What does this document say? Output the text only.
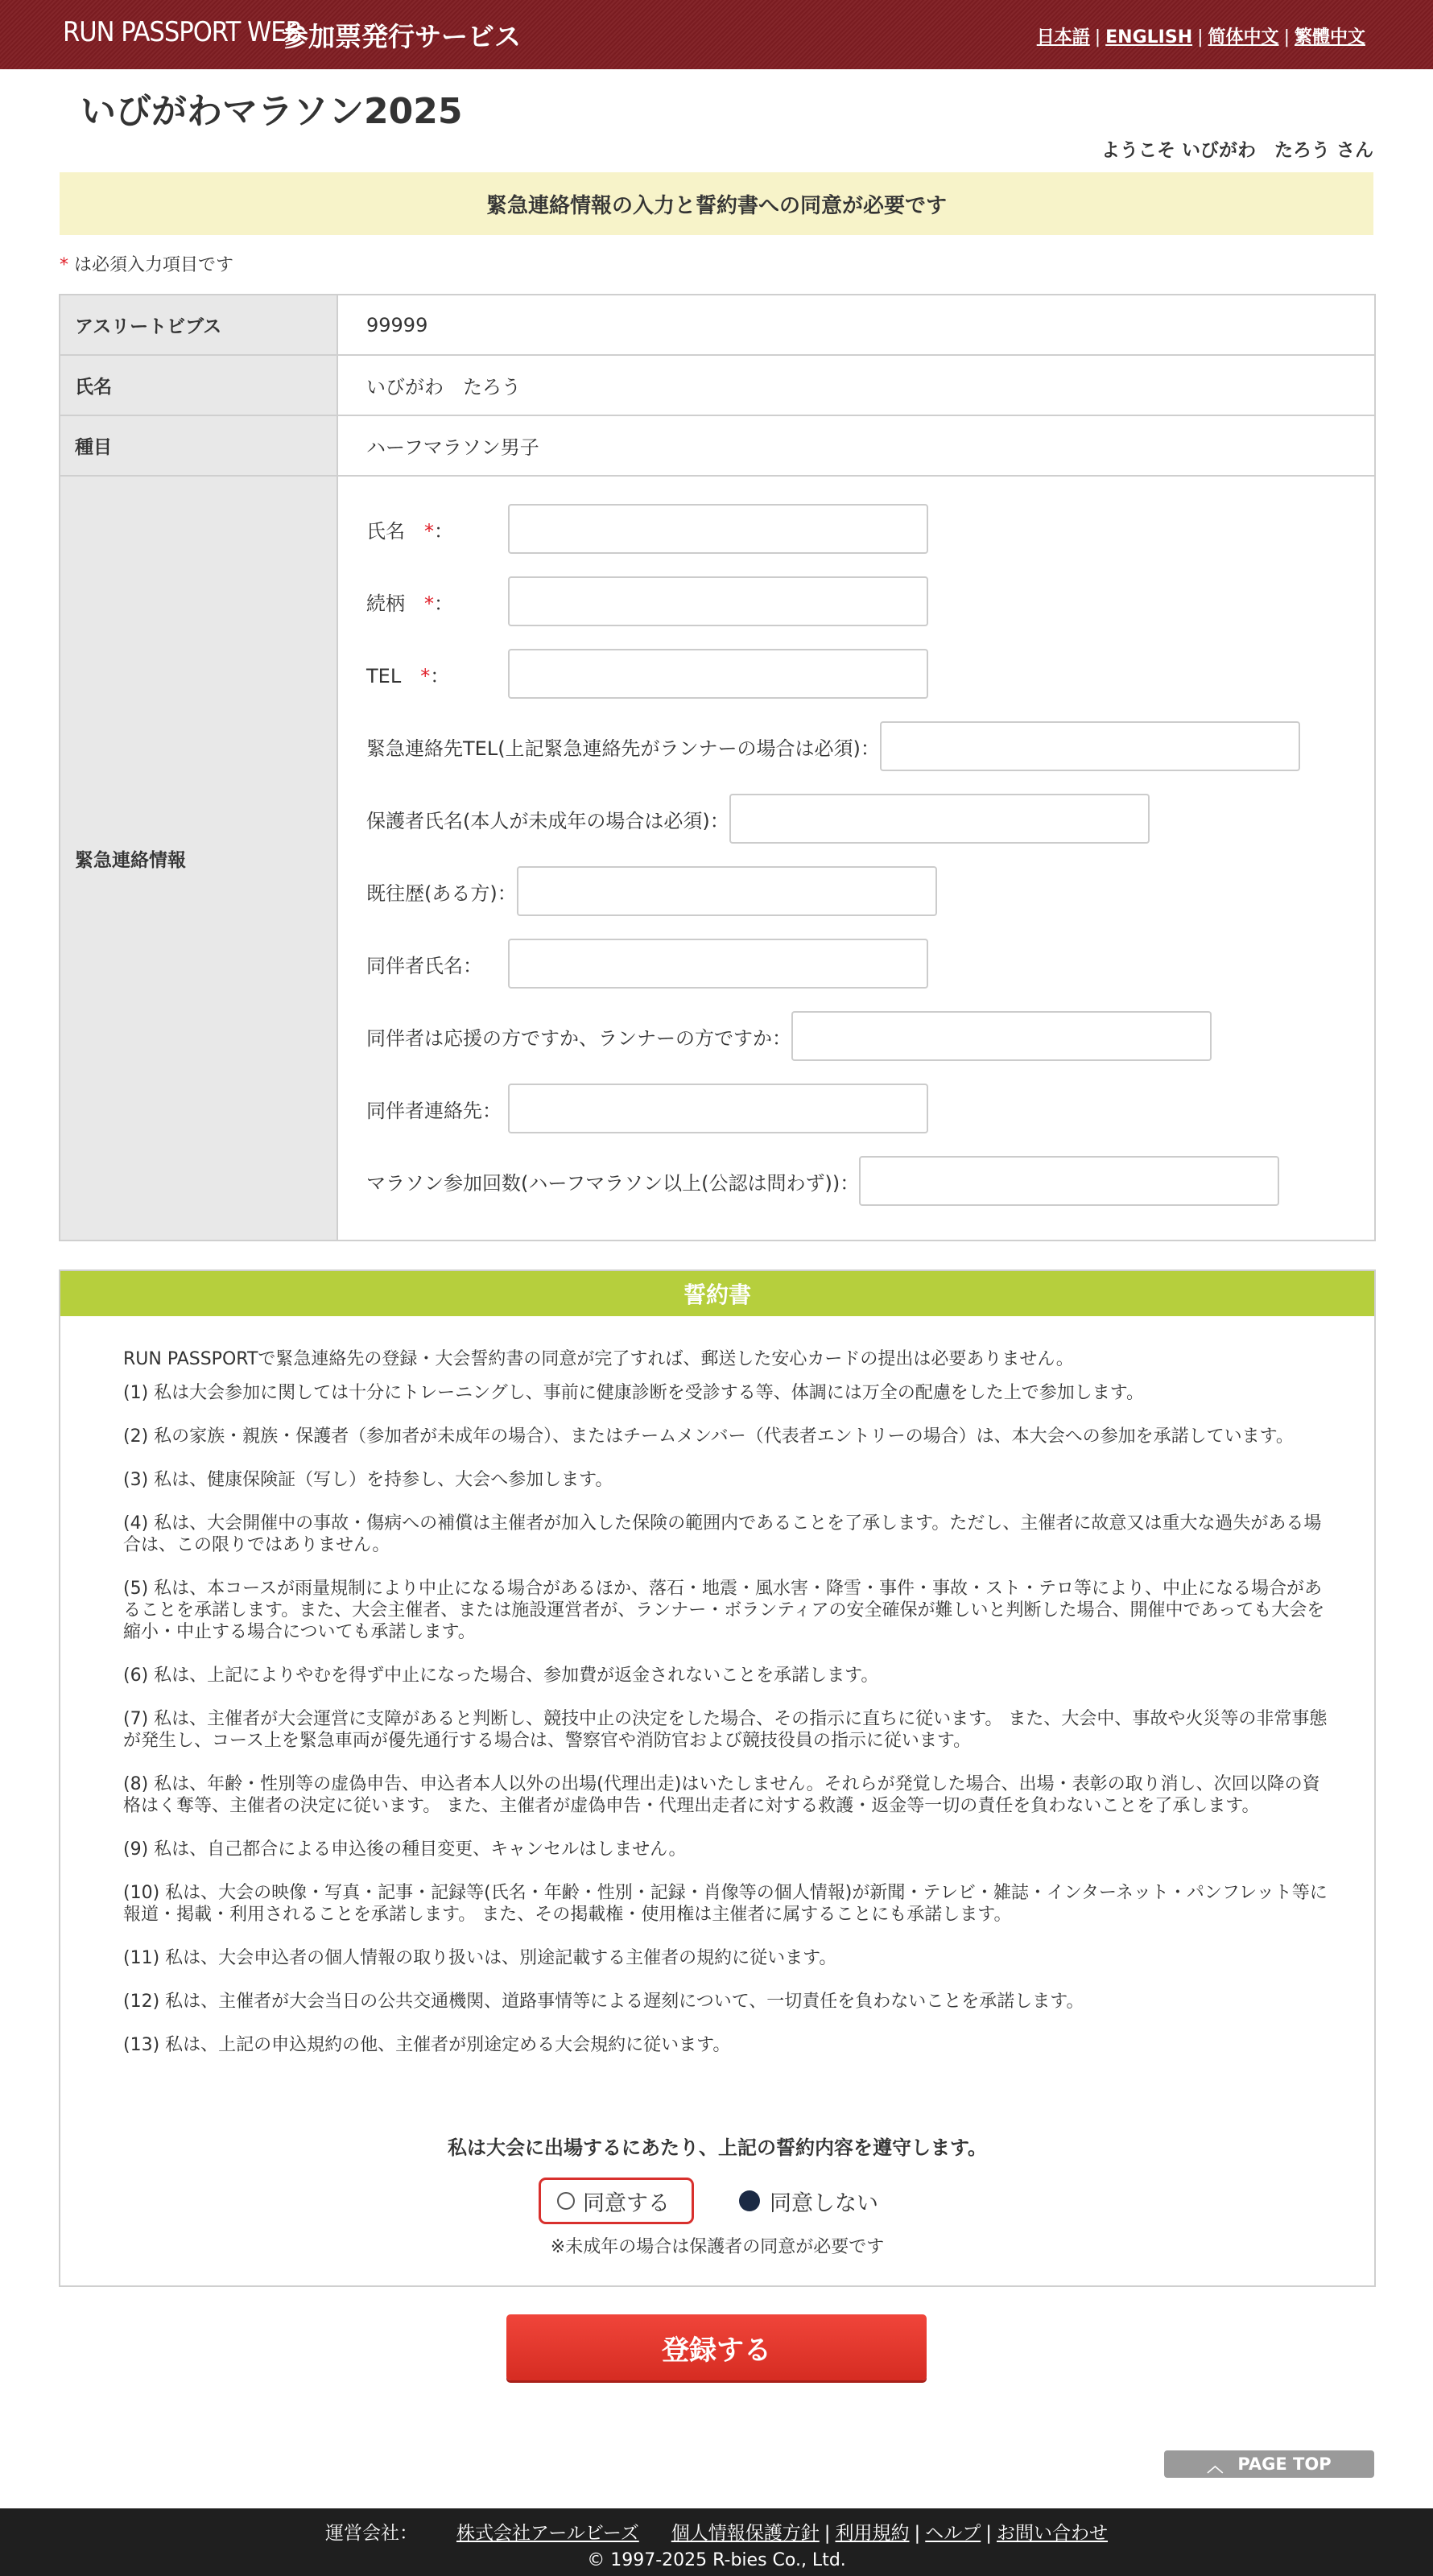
RUN PASSPORT WEB
参加票発行サービス	日本語 | ENGLISH | 简体中文 | 繁體中文
いびがわマラソン2025
ようこそ いびがわ　たろう さん
緊急連絡情報の入力と誓約書への同意が必要です
* は必須入力項目です
アスリートビブス	99999
氏名	いびがわ　たろう
種目	ハーフマラソン男子
緊急連絡情報
氏名　 *：
続柄　 *：
TEL　 *：
緊急連絡先TEL(上記緊急連絡先がランナーの場合は必須)：
保護者氏名(本人が未成年の場合は必須)：
既往歴(ある方)：
同伴者氏名：
同伴者は応援の方ですか、ランナーの方ですか：
同伴者連絡先：
マラソン参加回数(ハーフマラソン以上(公認は問わず))：
誓約書
RUN PASSPORTで緊急連絡先の登録・大会誓約書の同意が完了すれば、郵送した安心カードの提出は必要ありません。
(1) 私は大会参加に関しては十分にトレーニングし、事前に健康診断を受診する等、体調には万全の配慮をした上で参加します。
(2) 私の家族・親族・保護者（参加者が未成年の場合）、またはチームメンバー（代表者エントリーの場合）は、本大会への参加を承諾しています。
(3) 私は、健康保険証（写し）を持参し、大会へ参加します。
(4) 私は、大会開催中の事故・傷病への補償は主催者が加入した保険の範囲内であることを了承します。ただし、主催者に故意又は重大な過失がある場合は、この限りではありません。
(5) 私は、本コースが雨量規制により中止になる場合があるほか、落石・地震・風水害・降雪・事件・事故・スト・テロ等により、中止になる場合があることを承諾します。また、大会主催者、または施設運営者が、ランナー・ボランティアの安全確保が難しいと判断した場合、開催中であっても大会を縮小・中止する場合についても承諾します。
(6) 私は、上記によりやむを得ず中止になった場合、参加費が返金されないことを承諾します。
(7) 私は、主催者が大会運営に支障があると判断し、競技中止の決定をした場合、その指示に直ちに従います。 また、大会中、事故や火災等の非常事態が発生し、コース上を緊急車両が優先通行する場合は、警察官や消防官および競技役員の指示に従います。
(8) 私は、年齢・性別等の虚偽申告、申込者本人以外の出場(代理出走)はいたしません。それらが発覚した場合、出場・表彰の取り消し、次回以降の資格はく奪等、主催者の決定に従います。 また、主催者が虚偽申告・代理出走者に対する救護・返金等一切の責任を負わないことを了承します。
(9) 私は、自己都合による申込後の種目変更、キャンセルはしません。
(10) 私は、大会の映像・写真・記事・記録等(氏名・年齢・性別・記録・肖像等の個人情報)が新聞・テレビ・雑誌・インターネット・パンフレット等に報道・掲載・利用されることを承諾します。 また、その掲載権・使用権は主催者に属することにも承諾します。
(11) 私は、大会申込者の個人情報の取り扱いは、別途記載する主催者の規約に従います。
(12) 私は、主催者が大会当日の公共交通機関、道路事情等による遅刻について、一切責任を負わないことを承諾します。
(13) 私は、上記の申込規約の他、主催者が別途定める大会規約に従います。
私は大会に出場するにあたり、上記の誓約内容を遵守します。
同意する	同意しない
※未成年の場合は保護者の同意が必要です
登録する
︿ PAGE TOP
運営会社： 株式会社アールビーズ 個人情報保護方針 | 利用規約 | ヘルプ | お問い合わせ
© 1997-2025 R-bies Co., Ltd.
